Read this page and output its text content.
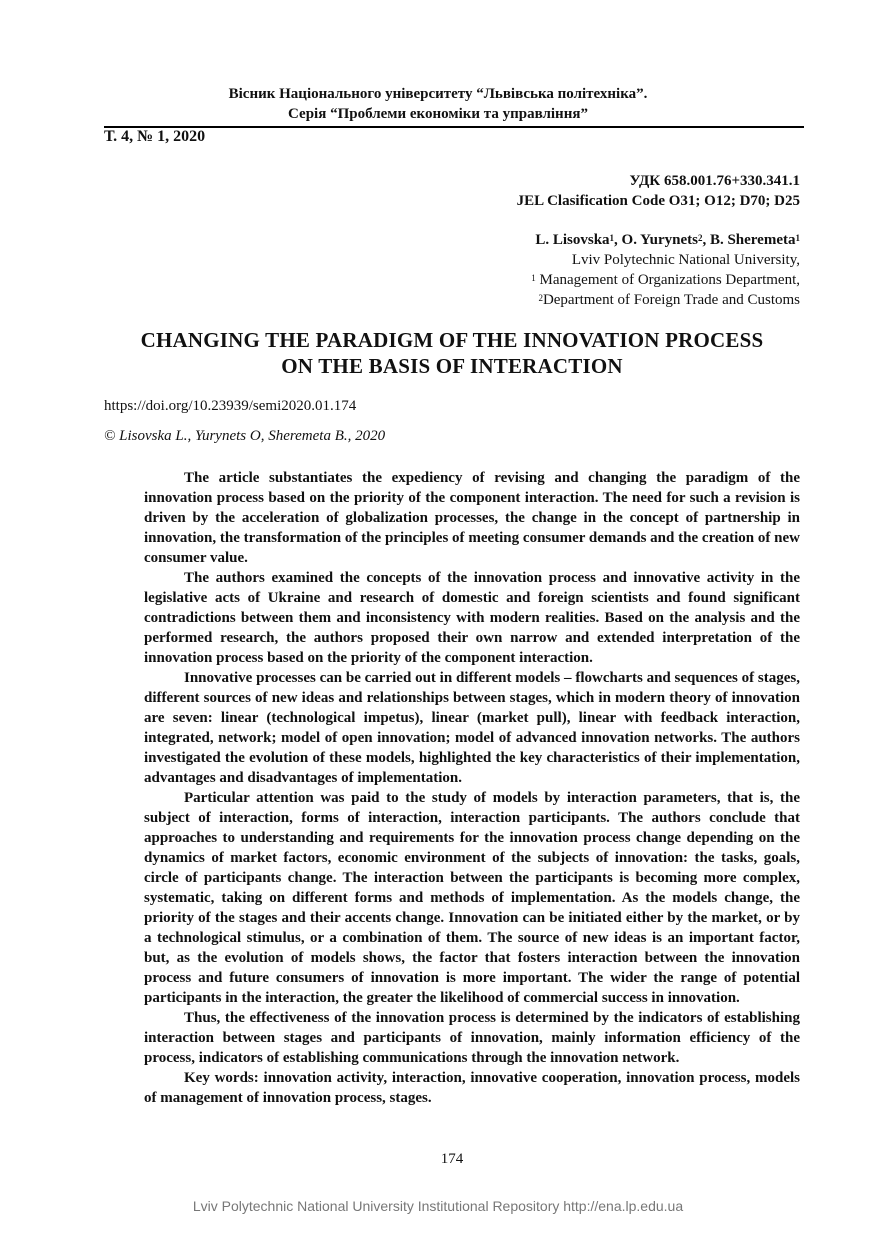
Вісник Національного університету “Львівська політехніка”.
Серія “Проблеми економіки та управління”
Т. 4, № 1, 2020
УДК 658.001.76+330.341.1
JEL Clasification Code O31; O12; D70; D25
L. Lisovska$^1$, O. Yurynets$^2$, B. Sheremeta$^1$
Lviv Polytechnic National University,
$^1$ Management of Organizations Department,
$^2$Department of Foreign Trade and Customs
CHANGING THE PARADIGM OF THE INNOVATION PROCESS
ON THE BASIS OF INTERACTION
https://doi.org/10.23939/semi2020.01.174
© Lisovska L., Yurynets O, Sheremeta B., 2020

The article substantiates the expediency of revising and changing the paradigm of the innovation process based on the priority of the component interaction. The need for such a revision is driven by the acceleration of globalization processes, the change in the concept of partnership in innovation, the transformation of the principles of meeting consumer demands and the creation of new consumer value.

The authors examined the concepts of the innovation process and innovative activity in the legislative acts of Ukraine and research of domestic and foreign scientists and found significant contradictions between them and inconsistency with modern realities. Based on the analysis and the performed research, the authors proposed their own narrow and extended interpretation of the innovation process based on the priority of the component interaction.

Innovative processes can be carried out in different models – flowcharts and sequences of stages, different sources of new ideas and relationships between stages, which in modern theory of innovation are seven: linear (technological impetus), linear (market pull), linear with feedback interaction, integrated, network; model of open innovation; model of advanced innovation networks. The authors investigated the evolution of these models, highlighted the key characteristics of their implementation, advantages and disadvantages of implementation.

Particular attention was paid to the study of models by interaction parameters, that is, the subject of interaction, forms of interaction, interaction participants. The authors conclude that approaches to understanding and requirements for the innovation process change depending on the dynamics of market factors, economic environment of the subjects of innovation: the tasks, goals, circle of participants change. The interaction between the participants is becoming more complex, systematic, taking on different forms and methods of implementation. As the models change, the priority of the stages and their accents change. Innovation can be initiated either by the market, or by a technological stimulus, or a combination of them. The source of new ideas is an important factor, but, as the evolution of models shows, the factor that fosters interaction between the innovation process and future consumers of innovation is more important. The wider the range of potential participants in the interaction, the greater the likelihood of commercial success in innovation.

Thus, the effectiveness of the innovation process is determined by the indicators of establishing interaction between stages and participants of innovation, mainly information efficiency of the process, indicators of establishing communications through the innovation network.

Key words: innovation activity, interaction, innovative cooperation, innovation process, models of management of innovation process, stages.

174
Lviv Polytechnic National University Institutional Repository http://ena.lp.edu.ua
